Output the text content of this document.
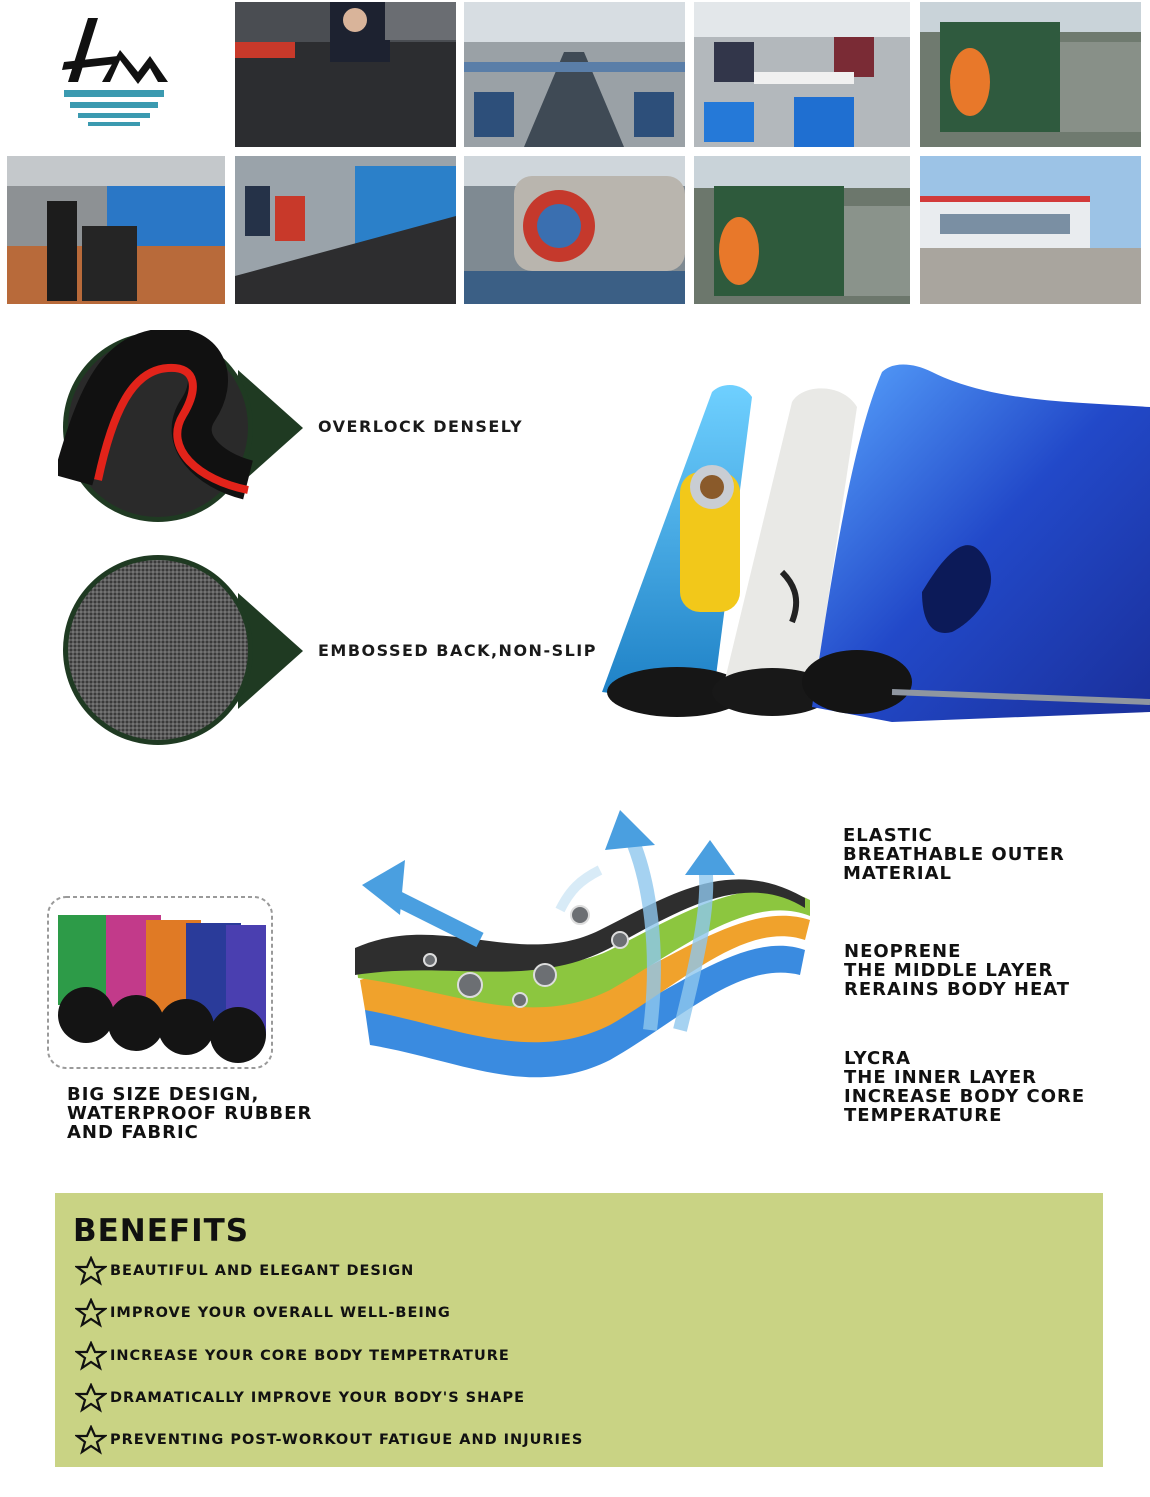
OVERLOCK DENSELY
EMBOSSED BACK,NON-SLIP
BIG SIZE DESIGN,
WATERPROOF RUBBER
AND FABRIC
ELASTIC
BREATHABLE OUTER
MATERIAL
NEOPRENE
THE MIDDLE LAYER
RERAINS BODY HEAT
LYCRA
THE INNER LAYER
INCREASE BODY CORE
TEMPERATURE
BENEFITS
BEAUTIFUL AND ELEGANT DESIGN
IMPROVE YOUR OVERALL WELL-BEING
INCREASE YOUR CORE BODY TEMPETRATURE
DRAMATICALLY IMPROVE YOUR BODY'S SHAPE
PREVENTING POST-WORKOUT FATIGUE AND INJURIES
